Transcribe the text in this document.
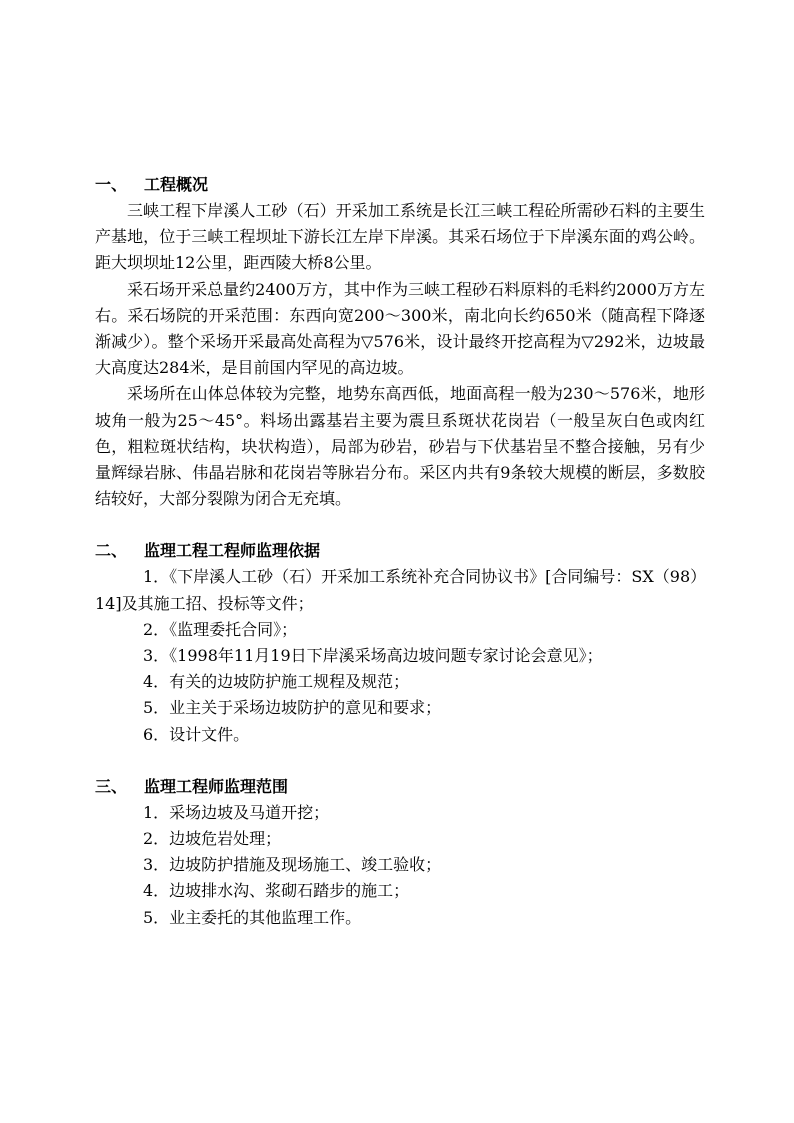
一、	工程概况

三峡工程下岸溪人工砂（石）开采加工系统是长江三峡工程砼所需砂石料的主要生产基地，位于三峡工程坝址下游长江左岸下岸溪。其采石场位于下岸溪东面的鸡公岭。距大坝坝址12公里，距西陵大桥8公里。

采石场开采总量约2400万方，其中作为三峡工程砂石料原料的毛料约2000万方左右。采石场院的开采范围：东西向宽200～300米，南北向长约650米（随高程下降逐渐减少）。整个采场开采最高处高程为▽576米，设计最终开挖高程为▽292米，边坡最大高度达284米，是目前国内罕见的高边坡。

采场所在山体总体较为完整，地势东高西低，地面高程一般为230～576米，地形坡角一般为25～45°。料场出露基岩主要为震旦系斑状花岗岩（一般呈灰白色或肉红色，粗粒斑状结构，块状构造），局部为砂岩，砂岩与下伏基岩呈不整合接触，另有少量辉绿岩脉、伟晶岩脉和花岗岩等脉岩分布。采区内共有9条较大规模的断层，多数胶结较好，大部分裂隙为闭合无充填。

二、	监理工程工程师监理依据

1．《下岸溪人工砂（石）开采加工系统补充合同协议书》[合同编号：SX（98）14]及其施工招、投标等文件；

2．《监理委托合同》；

3．《1998年11月19日下岸溪采场高边坡问题专家讨论会意见》；

4．有关的边坡防护施工规程及规范；

5．业主关于采场边坡防护的意见和要求；

6．设计文件。

三、	监理工程师监理范围

1．采场边坡及马道开挖；

2．边坡危岩处理；

3．边坡防护措施及现场施工、竣工验收；

4．边坡排水沟、浆砌石踏步的施工；

5．业主委托的其他监理工作。
